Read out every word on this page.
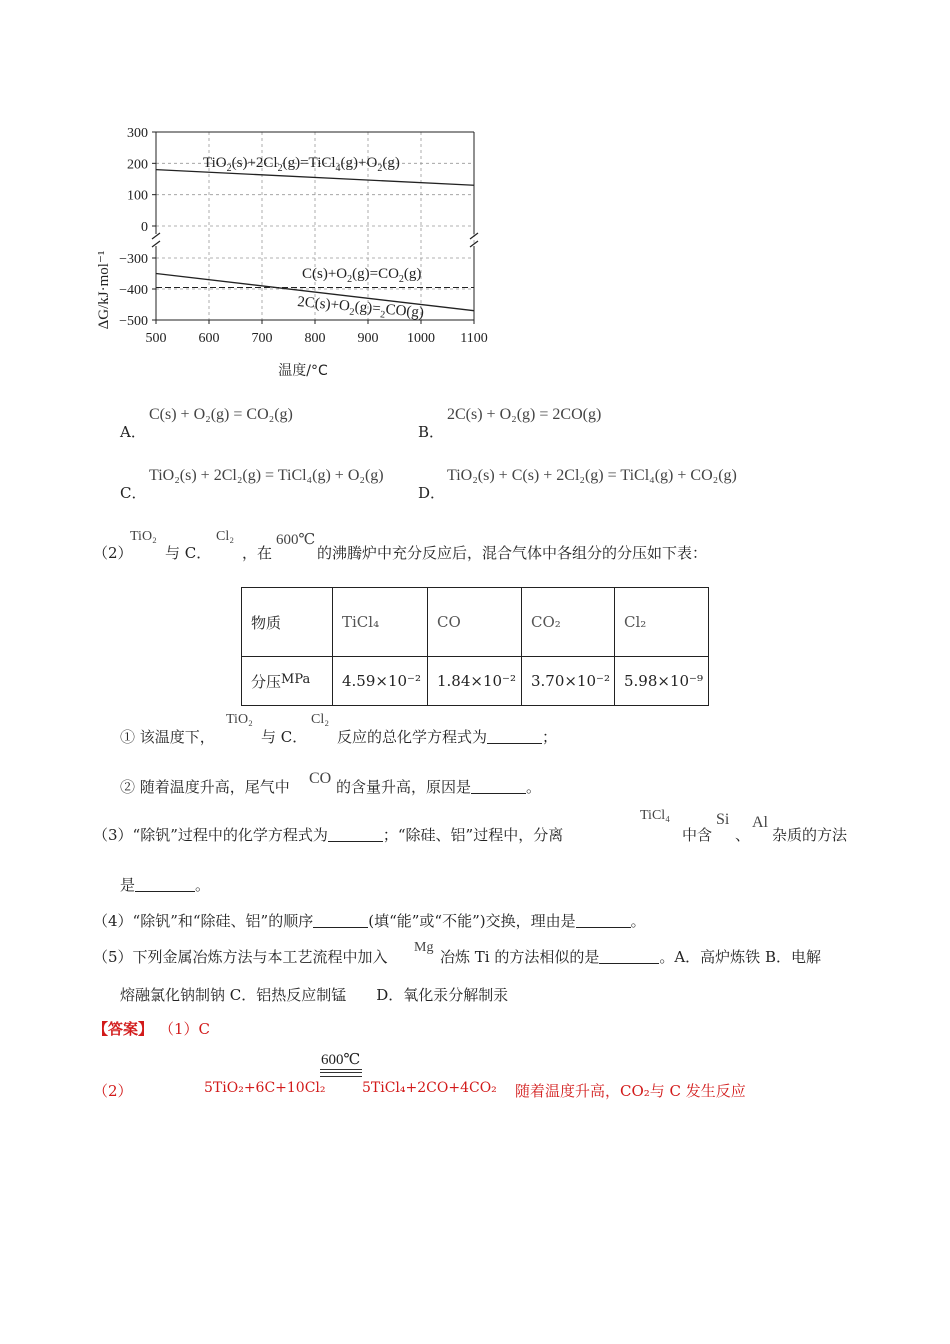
300
200
100
0
−300
−400
−500
500 600 700 800 900 1000 1100
ΔG/kJ·mol⁻¹
温度/°C
$TiO_2(s)+2Cl_2(g)=TiCl_4(g)+O_2(g)$
$C(s)+O_2(g)=CO_2(g)$
$2C(s)+O_2(g)=_2CO(g)$
A．
C(s) + O₂(g) = CO₂(g)
B．
2C(s) + O₂(g) = 2CO(g)
C．
TiO₂(s) + 2Cl₂(g) = TiCl₄(g) + O₂(g)
D．
TiO₂(s) + C(s) + 2Cl₂(g) = TiCl₄(g) + CO₂(g)
（2）
TiO₂
与 C．
Cl₂
，在
600℃
的沸腾炉中充分反应后，混合气体中各组分的分压如下表：
物质	TiCl₄	CO	CO₂	Cl₂
分压MPa	4.59×10⁻²	1.84×10⁻²	3.70×10⁻²	5.98×10⁻⁹
① 该温度下，
TiO₂
与 C．
Cl₂
反应的总化学方程式为	；
② 随着温度升高，尾气中 CO 的含量升高，原因是	。
（3）“除钒”过程中的化学方程式为	；“除硅、铝”过程中，分离
TiCl₄
中含
Si
、
Al
杂质的方法
是	。
（4）“除钒”和“除硅、铝”的顺序	(填“能”或“不能”)交换，理由是	。
（5）下列金属冶炼方法与本工艺流程中加入
Mg
冶炼 Ti 的方法相似的是	。A．高炉炼铁 B．电解
熔融氯化钠制钠 C．铝热反应制锰　　D．氧化汞分解制汞
【答案】 （1）C
（2）
600℃
5TiO₂+6C+10Cl₂	5TiCl₄+2CO+4CO₂ 随着温度升高，CO₂与 C 发生反应
